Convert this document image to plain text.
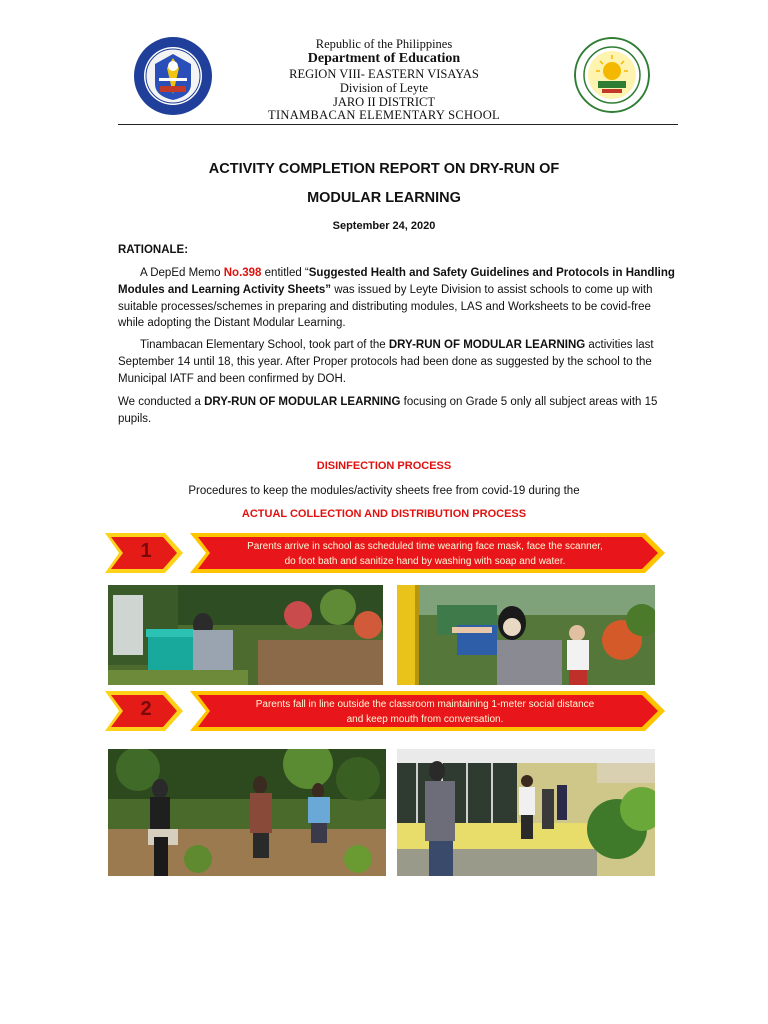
Republic of the Philippines
Department of Education
REGION VIII- EASTERN VISAYAS
Division of Leyte
JARO II DISTRICT
TINAMBACAN ELEMENTARY SCHOOL
ACTIVITY COMPLETION REPORT ON DRY-RUN OF
MODULAR LEARNING
September 24, 2020
RATIONALE:
A DepEd Memo No.398 entitled “Suggested Health and Safety Guidelines and Protocols in Handling Modules and Learning Activity Sheets” was issued by Leyte Division to assist schools to come up with suitable processes/schemes in preparing and distributing modules, LAS and Worksheets to be covid-free while adopting the Distant Modular Learning.
Tinambacan Elementary School, took part of the DRY-RUN OF MODULAR LEARNING activities last September 14 until 18, this year. After Proper protocols had been done as suggested by the school to the Municipal IATF and been confirmed by DOH.
We conducted a DRY-RUN OF MODULAR LEARNING focusing on Grade 5 only all subject areas with 15 pupils.
DISINFECTION PROCESS
Procedures to keep the modules/activity sheets free from covid-19 during the
ACTUAL COLLECTION AND DISTRIBUTION PROCESS
1	Parents arrive in school as scheduled time wearing face mask, face the scanner,
do foot bath and sanitize hand by washing with soap and water.
2	Parents fall in line outside the classroom maintaining 1-meter social distance
and keep mouth from conversation.
